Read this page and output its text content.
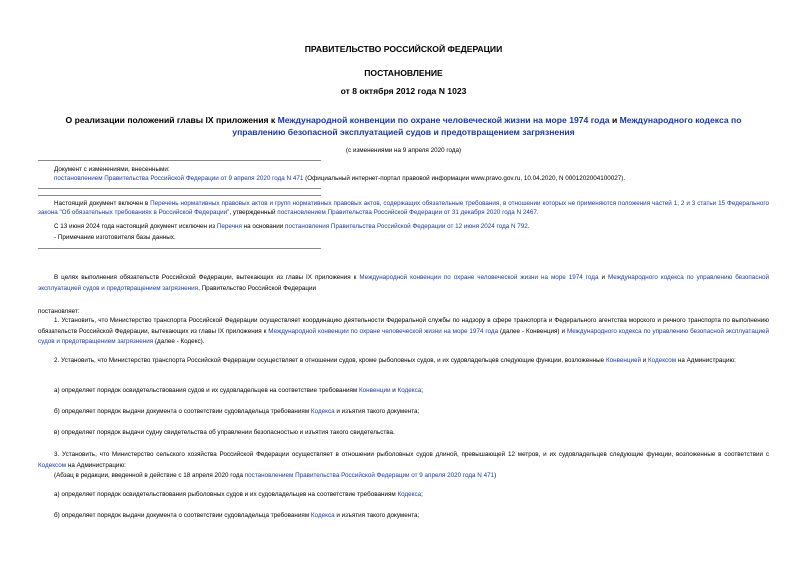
ПРАВИТЕЛЬСТВО РОССИЙСКОЙ ФЕДЕРАЦИИ
ПОСТАНОВЛЕНИЕ
от 8 октября 2012 года N 1023
О реализации положений главы IX приложения к Международной конвенции по охране человеческой жизни на море 1974 года и Международного кодекса по управлению безопасной эксплуатацией судов и предотвращением загрязнения
(с изменениями на 9 апреля 2020 года)
Документ с изменениями, внесенными:
постановлением Правительства Российской Федерации от 9 апреля 2020 года N 471 (Официальный интернет-портал правовой информации www.pravo.gov.ru, 10.04.2020, N 0001202004100027).
Настоящий документ включен в Перечень нормативных правовых актов и групп нормативных правовых актов, содержащих обязательные требования, в отношении которых не применяются положения частей 1, 2 и 3 статьи 15 Федерального закона "Об обязательных требованиях в Российской Федерации", утвержденный постановлением Правительства Российской Федерации от 31 декабря 2020 года N 2467.
С 13 июня 2024 года настоящий документ исключен из Перечня на основании постановления Правительства Российской Федерации от 12 июня 2024 года N 792.
- Примечание изготовителя базы данных.
В целях выполнения обязательств Российской Федерации, вытекающих из главы IX приложения к Международной конвенции по охране человеческой жизни на море 1974 года и Международного кодекса по управлению безопасной эксплуатацией судов и предотвращением загрязнения, Правительство Российской Федерации
постановляет:
1. Установить, что Министерство транспорта Российской Федерации осуществляет координацию деятельности Федеральной службы по надзору в сфере транспорта и Федерального агентства морского и речного транспорта по выполнению обязательств Российской Федерации, вытекающих из главы IX приложения к Международной конвенции по охране человеческой жизни на море 1974 года (далее - Конвенция) и Международного кодекса по управлению безопасной эксплуатацией судов и предотвращением загрязнения (далее - Кодекс).
2. Установить, что Министерство транспорта Российской Федерации осуществляет в отношении судов, кроме рыболовных судов, и их судовладельцев следующие функции, возложенные Конвенцией и Кодексом на Администрацию:
а) определяет порядок освидетельствования судов и их судовладельцев на соответствие требованиям Конвенции и Кодекса;
б) определяет порядок выдачи документа о соответствии судовладельца требованиям Кодекса и изъятия такого документа;
в) определяет порядок выдачи судну свидетельства об управлении безопасностью и изъятия такого свидетельства.
3. Установить, что Министерство сельского хозяйства Российской Федерации осуществляет в отношении рыболовных судов длиной, превышающей 12 метров, и их судовладельцев следующие функции, возложенные в соответствии с Кодексом на Администрацию:
(Абзац в редакции, введенной в действие с 18 апреля 2020 года постановлением Правительства Российской Федерации от 9 апреля 2020 года N 471)
а) определяет порядок освидетельствования рыболовных судов и их судовладельцев на соответствие требованиям Кодекса;
б) определяет порядок выдачи документа о соответствии судовладельца требованиям Кодекса и изъятия такого документа;
